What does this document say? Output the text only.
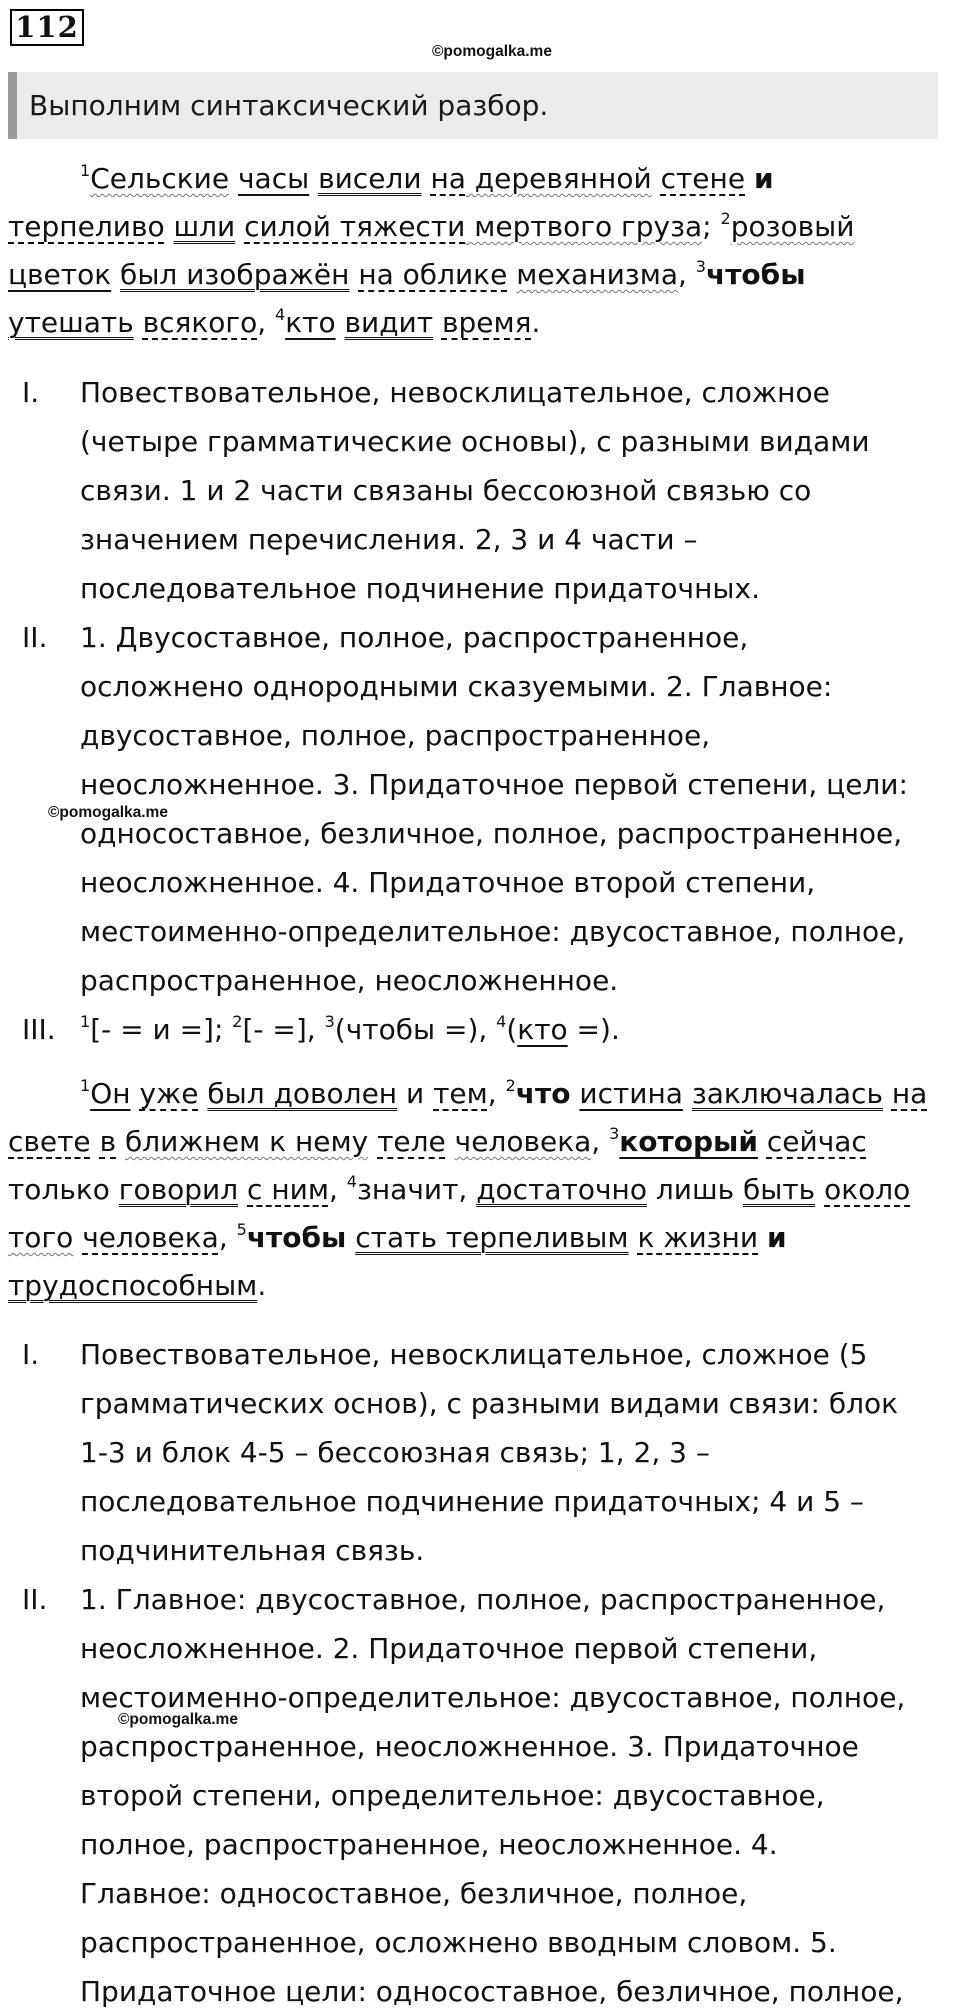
112
©pomogalka.me
Выполним синтаксический разбор.
$^1$Сельские часы висели на деревянной стене и
терпеливо шли силой тяжести мертвого груза; $^2$розовый
цветок был изображён на облике механизма, $^3$чтобы
утешать всякого, $^4$кто видит время.
I. Повествовательное, невосклицательное, сложное
(четыре грамматические основы), с разными видами
связи. 1 и 2 части связаны бессоюзной связью со
значением перечисления. 2, 3 и 4 части –
последовательное подчинение придаточных.
II. 1. Двусоставное, полное, распространенное,
осложнено однородными сказуемыми. 2. Главное:
двусоставное, полное, распространенное,
неосложненное. 3. Придаточное первой степени, цели:
односоставное, безличное, полное, распространенное,
неосложненное. 4. Придаточное второй степени,
местоименно-определительное: двусоставное, полное,
распространенное, неосложненное.
III. $^1$[- = и =]; $^2$[- =], $^3$(чтобы =), $^4$(кто =).
$^1$Он уже был доволен и тем, $^2$что истина заключалась на
свете в ближнем к нему теле человека, $^3$который сейчас
только говорил с ним, $^4$значит, достаточно лишь быть около
того человека, $^5$чтобы стать терпеливым к жизни и
трудоспособным.
I. Повествовательное, невосклицательное, сложное (5
грамматических основ), с разными видами связи: блок
1-3 и блок 4-5 – бессоюзная связь; 1, 2, 3 –
последовательное подчинение придаточных; 4 и 5 –
подчинительная связь.
II. 1. Главное: двусоставное, полное, распространенное,
неосложненное. 2. Придаточное первой степени,
местоименно-определительное: двусоставное, полное,
распространенное, неосложненное. 3. Придаточное
второй степени, определительное: двусоставное,
полное, распространенное, неосложненное. 4.
Главное: односоставное, безличное, полное,
распространенное, осложнено вводным словом. 5.
Придаточное цели: односоставное, безличное, полное,
©pomogalka.me
©pomogalka.me
